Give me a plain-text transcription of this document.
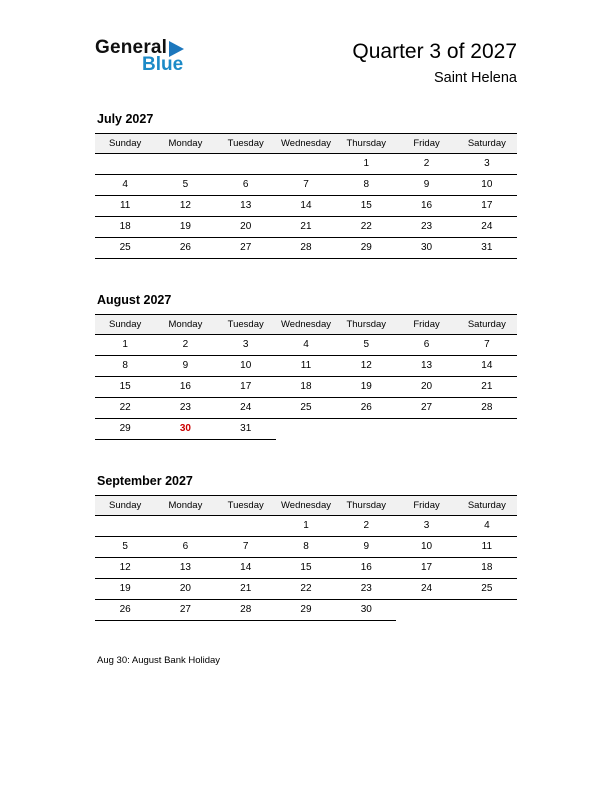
General
Blue
Quarter 3 of 2027
Saint Helena
July 2027
Sunday	Monday	Tuesday	Wednesday	Thursday	Friday	Saturday
				1	2	3
4	5	6	7	8	9	10
11	12	13	14	15	16	17
18	19	20	21	22	23	24
25	26	27	28	29	30	31
August 2027
Sunday	Monday	Tuesday	Wednesday	Thursday	Friday	Saturday
1	2	3	4	5	6	7
8	9	10	11	12	13	14
15	16	17	18	19	20	21
22	23	24	25	26	27	28
29	30	31				
September 2027
Sunday	Monday	Tuesday	Wednesday	Thursday	Friday	Saturday
			1	2	3	4
5	6	7	8	9	10	11
12	13	14	15	16	17	18
19	20	21	22	23	24	25
26	27	28	29	30		
Aug 30: August Bank Holiday
